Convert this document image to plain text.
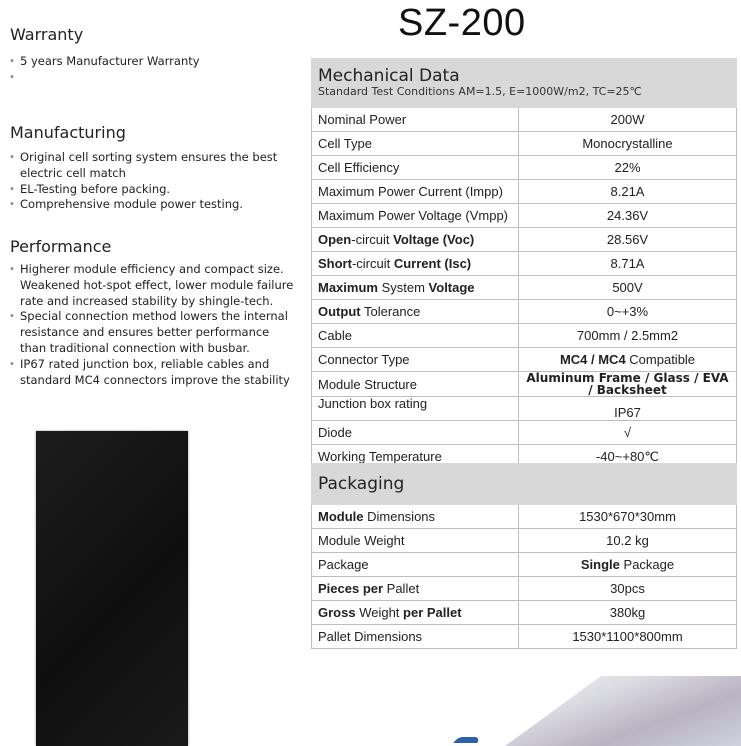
Warranty
• 5 years Manufacturer Warranty
•
Manufacturing
• Original cell sorting system ensures the best electric cell match
• EL-Testing before packing.
• Comprehensive module power testing.
Performance
• Higherer module efficiency and compact size. Weakened hot-spot effect, lower module failure rate and increased stability by shingle-tech.
• Special connection method lowers the internal resistance and ensures better performance than traditional connection with busbar.
• IP67 rated junction box, reliable cables and standard MC4 connectors improve the stability
SZ-200
Mechanical Data
Standard Test Conditions AM=1.5, E=1000W/m2, TC=25℃	

Nominal Power	200W
Cell Type	Monocrystalline
Cell Efficiency	22%
Maximum Power Current (Impp)	8.21A
Maximum Power Voltage (Vmpp)	24.36V
Open-circuit Voltage (Voc)	28.56V
Short-circuit Current (Isc)	8.71A
Maximum System Voltage	500V
Output Tolerance	0~+3%
Cable	700mm / 2.5mm2
Connector Type	MC4 / MC4 Compatible
Module Structure	Aluminum Frame / Glass / EVA / Backsheet
Junction box rating	IP67
Diode	√
Working Temperature	-40~+80℃
Packaging	

Module Dimensions	1530*670*30mm
Module Weight	10.2 kg
Package	Single Package
Pieces per Pallet	30pcs
Gross Weight per Pallet	380kg
Pallet Dimensions	1530*1100*800mm
